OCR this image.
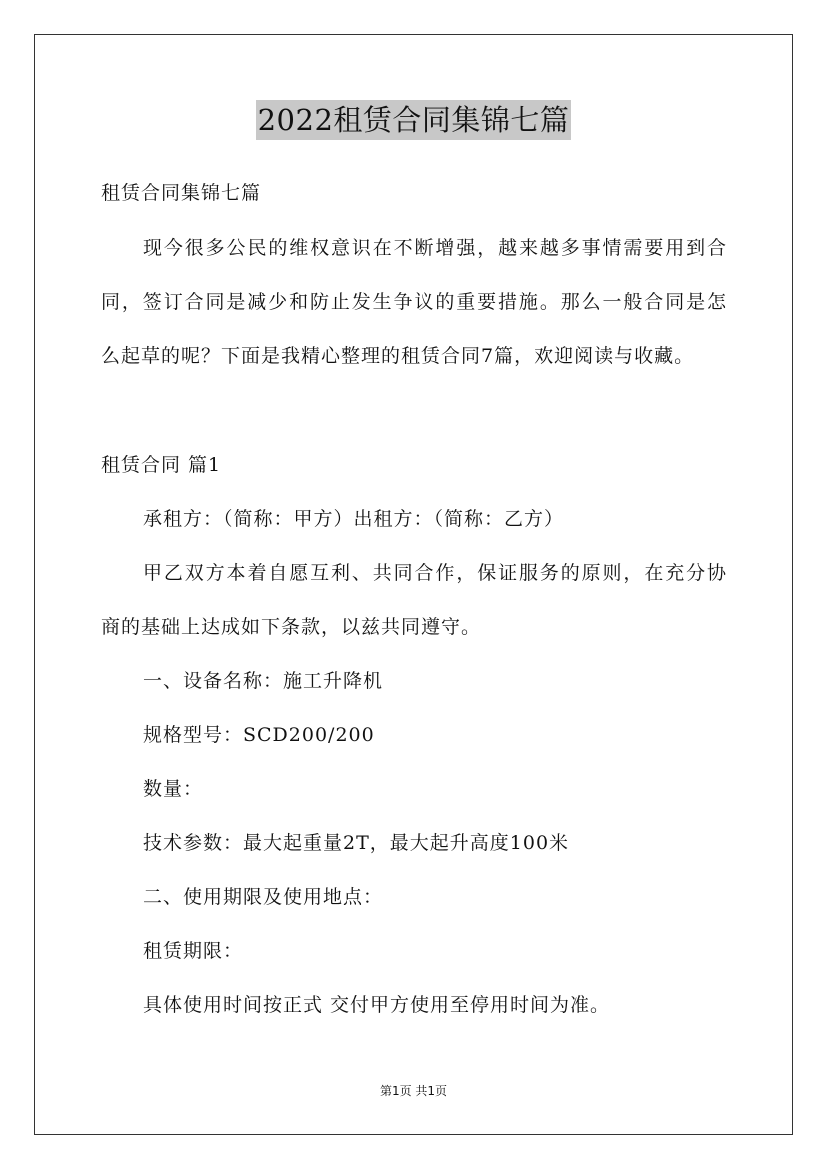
2022租赁合同集锦七篇
租赁合同集锦七篇
现今很多公民的维权意识在不断增强，越来越多事情需要用到合
同，签订合同是减少和防止发生争议的重要措施。那么一般合同是怎
么起草的呢？下面是我精心整理的租赁合同7篇，欢迎阅读与收藏。
租赁合同 篇1
承租方：（简称：甲方）出租方：（简称：乙方）
甲乙双方本着自愿互利、共同合作，保证服务的原则，在充分协
商的基础上达成如下条款，以兹共同遵守。
一、设备名称：施工升降机
规格型号：SCD200/200
数量：
技术参数：最大起重量2T，最大起升高度100米
二、使用期限及使用地点：
租赁期限：
具体使用时间按正式 交付甲方使用至停用时间为准。
第1页 共1页
